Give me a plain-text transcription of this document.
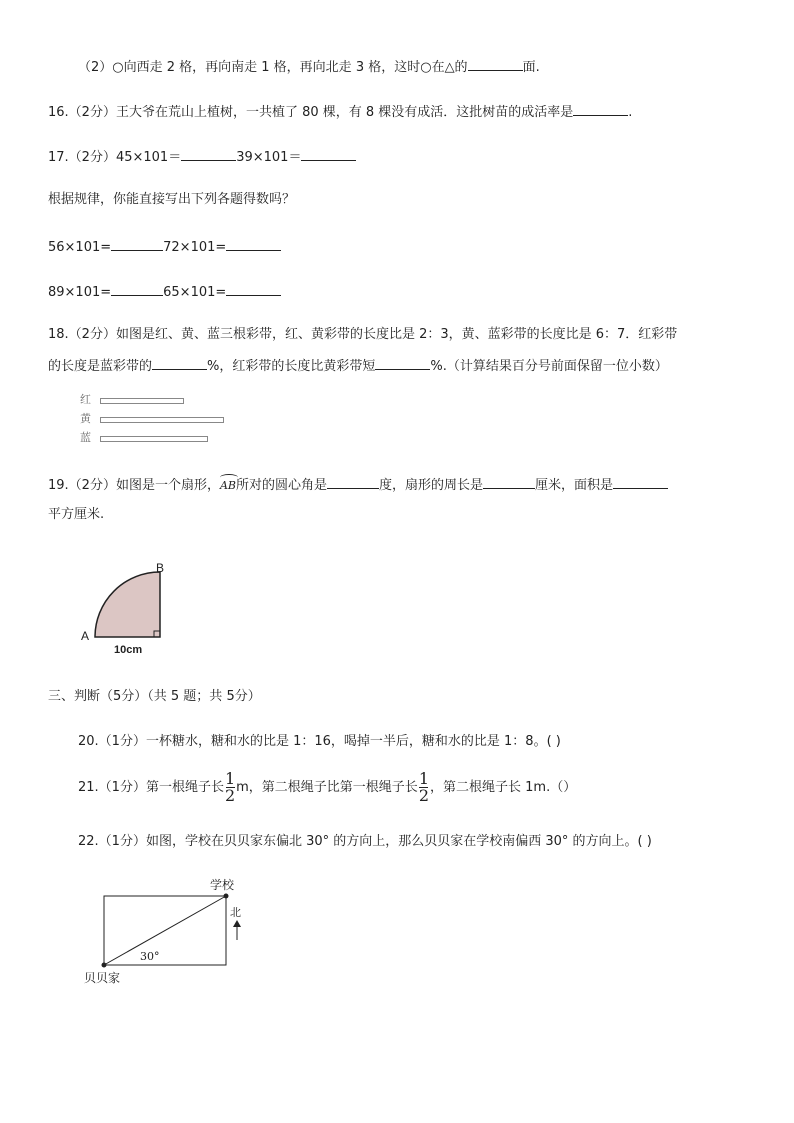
（2）○向西走 2 格，再向南走 1 格，再向北走 3 格，这时○在△的	面.
16.（2分）王大爷在荒山上植树，一共植了 80 棵，有 8 棵没有成活．这批树苗的成活率是	.
17.（2分）45×101＝	39×101＝
根据规律，你能直接写出下列各题得数吗？
56×101=	72×101=
89×101=	65×101=
18.（2分）如图是红、黄、蓝三根彩带，红、黄彩带的长度比是 2：3，黄、蓝彩带的长度比是 6：7．红彩带
的长度是蓝彩带的	%，红彩带的长度比黄彩带短	%.（计算结果百分号前面保留一位小数）
红
黄
蓝
19.（2分）如图是一个扇形，AB所对的圆心角是	度，扇形的周长是	厘米，面积是
平方厘米.
B
A
10cm
三、判断（5分）（共 5 题；共 5分）
20.（1分）一杯糖水，糖和水的比是 1：16，喝掉一半后，糖和水的比是 1：8。( )
21.（1分）第一根绳子长 $\frac{1}{2}$ m，第二根绳子比第一根绳子长 $\frac{1}{2}$ ，第二根绳子长 1m.（）
22.（1分）如图，学校在贝贝家东偏北 30° 的方向上，那么贝贝家在学校南偏西 30° 的方向上。( )
学校
贝贝家
30°
北
